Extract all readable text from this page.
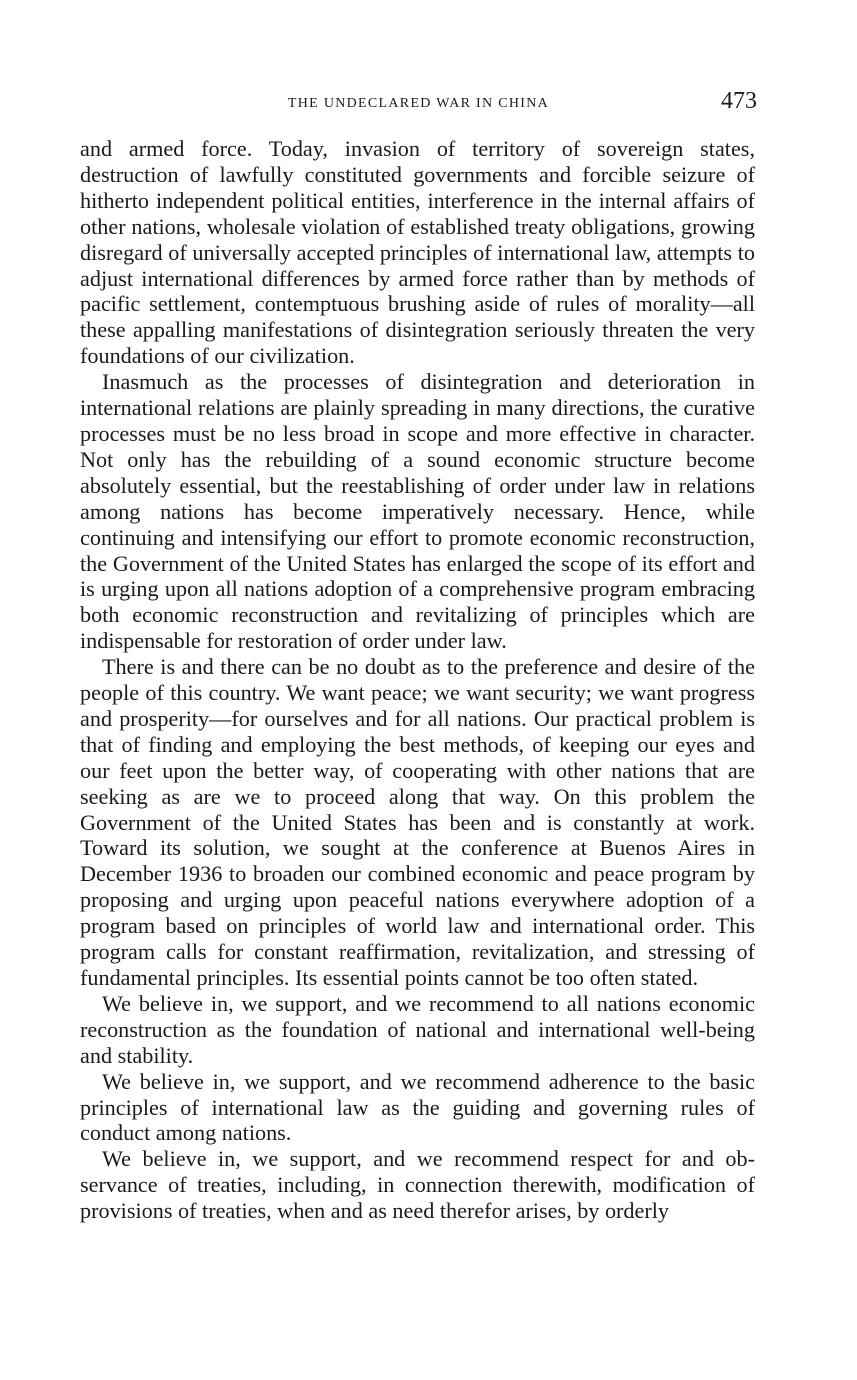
THE UNDECLARED WAR IN CHINA	473

and armed force. Today, invasion of territory of sovereign states, destruction of lawfully constituted governments and forcible seizure of hitherto independent political entities, interference in the internal affairs of other nations, wholesale violation of established treaty obligations, growing disregard of universally accepted principles of international law, attempts to adjust international differences by armed force rather than by methods of pacific settlement, contemptuous brushing aside of rules of morality—all these appalling manifestations of disintegration seriously threaten the very foundations of our civilization.

Inasmuch as the processes of disintegration and deterioration in international relations are plainly spreading in many directions, the curative processes must be no less broad in scope and more effective in character. Not only has the rebuilding of a sound economic structure become absolutely essential, but the reestablishing of order under law in relations among nations has become imperatively necessary. Hence, while continuing and intensifying our effort to promote economic reconstruction, the Government of the United States has enlarged the scope of its effort and is urging upon all nations adoption of a comprehensive program embracing both economic reconstruction and revitalizing of principles which are indispensable for restoration of order under law.

There is and there can be no doubt as to the preference and desire of the people of this country. We want peace; we want security; we want progress and prosperity—for ourselves and for all nations. Our practical problem is that of finding and employing the best methods, of keeping our eyes and our feet upon the better way, of cooperating with other nations that are seeking as are we to proceed along that way. On this problem the Government of the United States has been and is constantly at work. Toward its solution, we sought at the conference at Buenos Aires in December 1936 to broaden our combined economic and peace program by proposing and urging upon peaceful nations everywhere adoption of a program based on principles of world law and international order. This program calls for constant reaffirmation, revitalization, and stressing of fundamental principles. Its essential points cannot be too often stated.

We believe in, we support, and we recommend to all nations economic reconstruction as the foundation of national and international well-being and stability.

We believe in, we support, and we recommend adherence to the basic principles of international law as the guiding and governing rules of conduct among nations.

We believe in, we support, and we recommend respect for and observance of treaties, including, in connection therewith, modification of provisions of treaties, when and as need therefor arises, by orderly
